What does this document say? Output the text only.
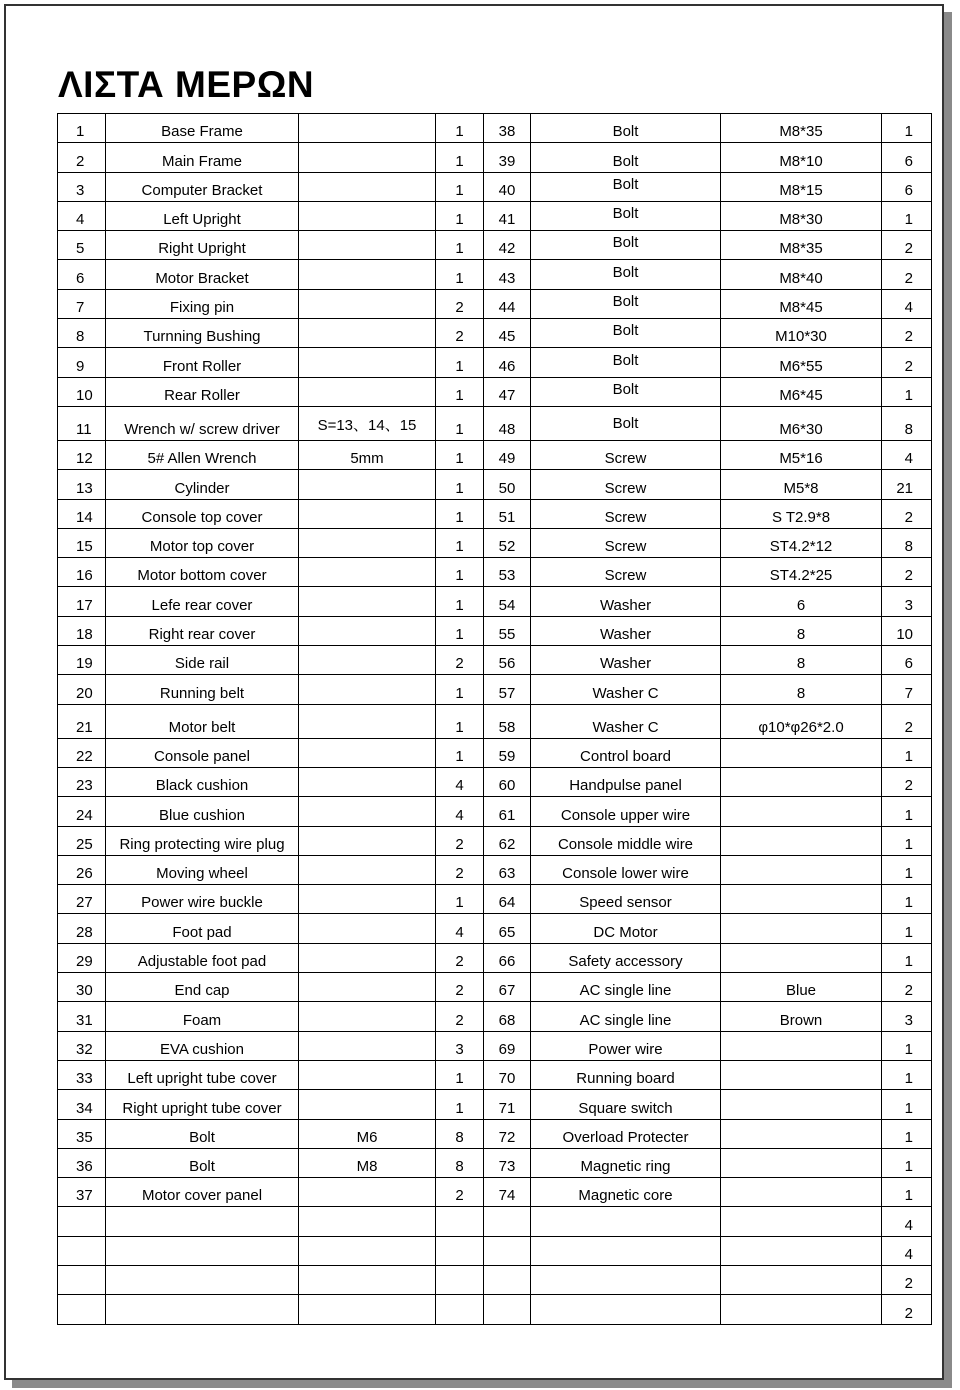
ΛΙΣΤΑ ΜΕΡΩΝ
1	Base Frame		1	38	Bolt	M8*35	1
2	Main Frame		1	39	Bolt	M8*10	6
3	Computer Bracket		1	40	Bolt	M8*15	6
4	Left Upright		1	41	Bolt	M8*30	1
5	Right Upright		1	42	Bolt	M8*35	2
6	Motor Bracket		1	43	Bolt	M8*40	2
7	Fixing pin		2	44	Bolt	M8*45	4
8	Turnning Bushing		2	45	Bolt	M10*30	2
9	Front Roller		1	46	Bolt	M6*55	2
10	Rear Roller		1	47	Bolt	M6*45	1
11	Wrench w/ screw driver	S=13、14、15	1	48	Bolt	M6*30	8
12	5# Allen Wrench	5mm	1	49	Screw	M5*16	4
13	Cylinder		1	50	Screw	M5*8	21
14	Console top cover		1	51	Screw	S T2.9*8	2
15	Motor top cover		1	52	Screw	ST4.2*12	8
16	Motor bottom cover		1	53	Screw	ST4.2*25	2
17	Lefe rear cover		1	54	Washer	6	3
18	Right rear cover		1	55	Washer	8	10
19	Side rail		2	56	Washer	8	6
20	Running belt		1	57	Washer C	8	7
21	Motor belt		1	58	Washer C	φ10*φ26*2.0	2
22	Console panel		1	59	Control board		1
23	Black cushion		4	60	Handpulse panel		2
24	Blue cushion		4	61	Console upper wire		1
25	Ring protecting wire plug		2	62	Console middle wire		1
26	Moving wheel		2	63	Console lower wire		1
27	Power wire buckle		1	64	Speed sensor		1
28	Foot pad		4	65	DC Motor		1
29	Adjustable foot pad		2	66	Safety accessory		1
30	End cap		2	67	AC single line	Blue	2
31	Foam		2	68	AC single line	Brown	3
32	EVA cushion		3	69	Power wire		1
33	Left upright tube cover		1	70	Running board		1
34	Right upright tube cover		1	71	Square switch		1
35	Bolt	M6	8	72	Overload Protecter		1
36	Bolt	M8	8	73	Magnetic ring		1
37	Motor cover panel		2	74	Magnetic core		1
							4
							4
							2
							2
